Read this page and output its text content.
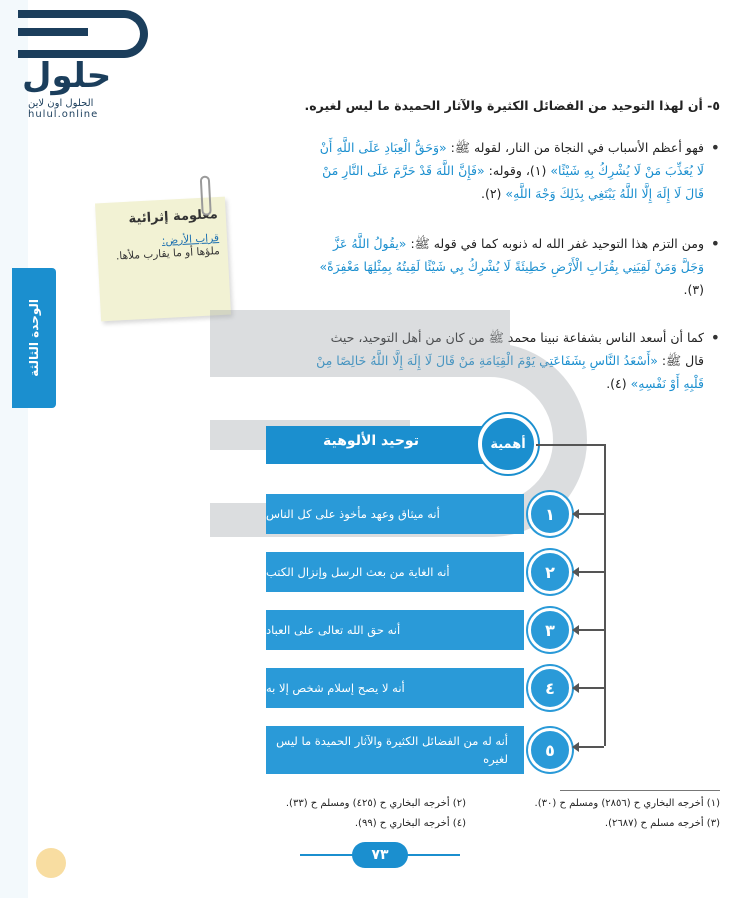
حلول
الحلول اون لاين hulul.online
الوحدة الثالثة
معلومة إثرائية
قراب الأرض:
ملؤها أو ما يقارب ملأها.
٥- أن لهذا التوحيد من الفضائل الكثيرة والآثار الحميدة ما ليس لغيره.
• فهو أعظم الأسباب في النجاة من النار، لقوله ﷺ: «وَحَقُّ الْعِبَادِ عَلَى اللَّهِ أَنْ لَا يُعَذِّبَ مَنْ لَا يُشْرِكُ بِهِ شَيْئًا» (١)، وقوله: «فَإِنَّ اللَّهَ قَدْ حَرَّمَ عَلَى النَّارِ مَنْ قَالَ لَا إِلَهَ إِلَّا اللَّهُ يَبْتَغِي بِذَلِكَ وَجْهَ اللَّهِ» (٢).
• ومن التزم هذا التوحيد غفر الله له ذنوبه كما في قوله ﷺ: «يقُولُ اللَّهُ عَزَّ وَجَلَّ وَمَنْ لَقِيَنِي بِقُرَابِ الْأَرْضِ خَطِيئَةً لَا يُشْرِكُ بِي شَيْئًا لَقِيتُهُ بِمِثْلِهَا مَغْفِرَةً» (٣).
• كما أن أسعد الناس بشفاعة نبينا محمد ﷺ من كان من أهل التوحيد، حيث قال ﷺ: «أَسْعَدُ النَّاسِ بِشَفَاعَتِي يَوْمَ الْقِيَامَةِ مَنْ قَالَ لَا إِلَهَ إِلَّا اللَّهُ خَالِصًا مِنْ قَلْبِهِ أَوْ نَفْسِهِ» (٤).
توحيد الألوهية	أهمية
أنه ميثاق وعهد مأخوذ على كل الناس	١
أنه الغاية من بعث الرسل وإنزال الكتب	٢
أنه حق الله تعالى على العباد	٣
أنه لا يصح إسلام شخص إلا به	٤
أنه له من الفضائل الكثيرة والآثار الحميدة ما ليس لغيره	٥
(١) أخرجه البخاري ح (٢٨٥٦) ومسلم ح (٣٠).
(٢) أخرجه البخاري ح (٤٢٥) ومسلم ح (٣٣).
(٣) أخرجه مسلم ح (٢٦٨٧).
(٤) أخرجه البخاري ح (٩٩).
٧٣
